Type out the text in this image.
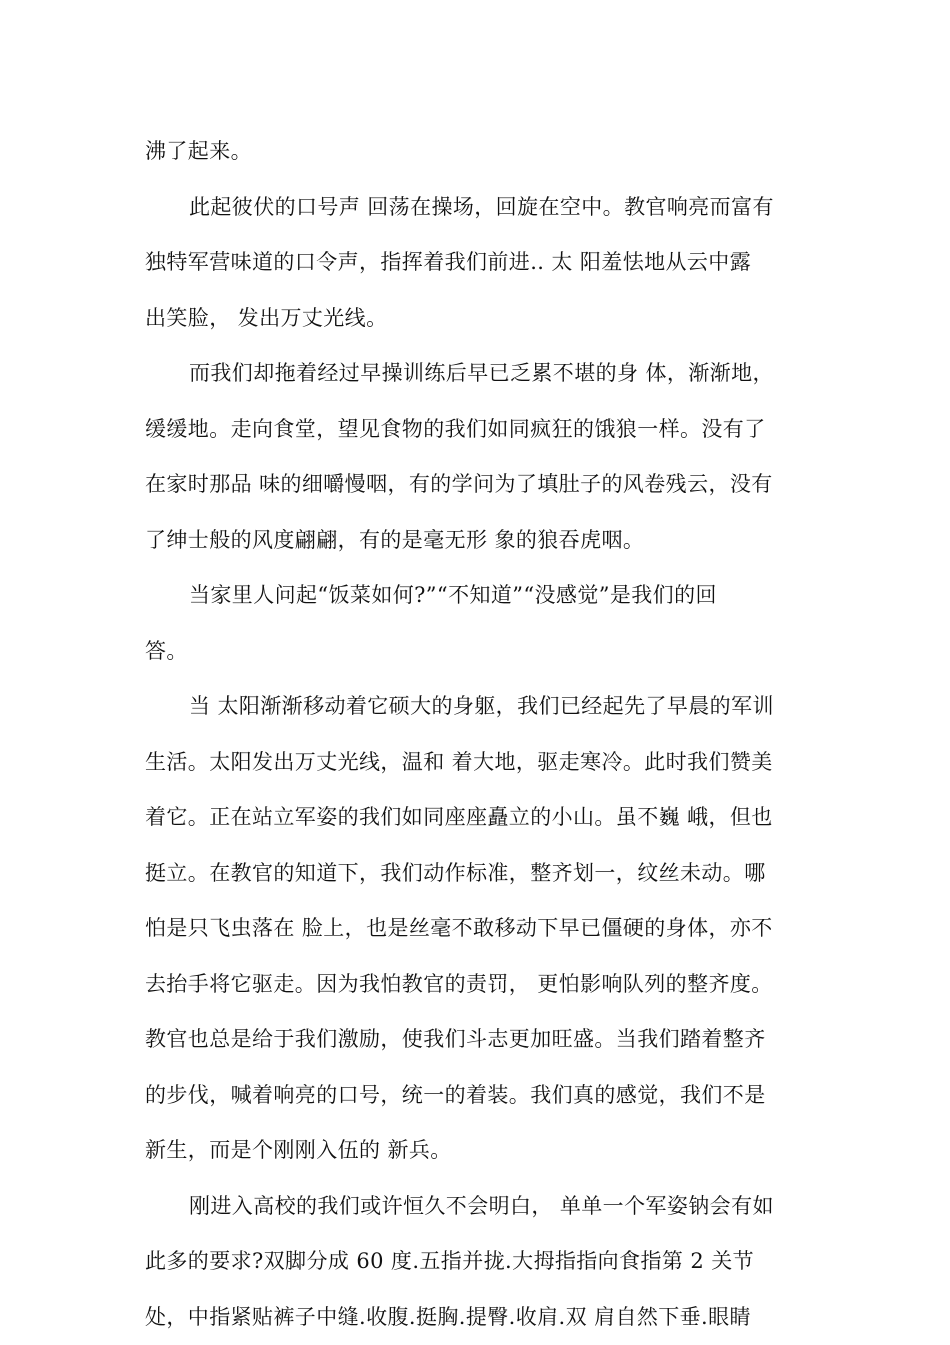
沸了起来。
此起彼伏的口号声 回荡在操场，回旋在空中。教官响亮而富有
独特军营味道的口令声，指挥着我们前进.. 太 阳羞怯地从云中露
出笑脸， 发出万丈光线。
而我们却拖着经过早操训练后早已乏累不堪的身 体，渐渐地，
缓缓地。走向食堂，望见食物的我们如同疯狂的饿狼一样。没有了
在家时那品 味的细嚼慢咽，有的学问为了填肚子的风卷残云，没有
了绅士般的风度翩翩，有的是毫无形 象的狼吞虎咽。
当家里人问起“饭菜如何?”“不知道”“没感觉”是我们的回
答。
当 太阳渐渐移动着它硕大的身躯，我们已经起先了早晨的军训
生活。太阳发出万丈光线，温和 着大地，驱走寒冷。此时我们赞美
着它。正在站立军姿的我们如同座座矗立的小山。虽不巍 峨，但也
挺立。在教官的知道下，我们动作标准，整齐划一，纹丝未动。哪
怕是只飞虫落在 脸上，也是丝毫不敢移动下早已僵硬的身体，亦不
去抬手将它驱走。因为我怕教官的责罚， 更怕影响队列的整齐度。
教官也总是给于我们激励，使我们斗志更加旺盛。当我们踏着整齐
的步伐，喊着响亮的口号，统一的着装。我们真的感觉，我们不是
新生，而是个刚刚入伍的 新兵。
刚进入高校的我们或许恒久不会明白， 单单一个军姿钠会有如
此多的要求?双脚分成 60 度.五指并拢.大拇指指向食指第 2 关节
处，中指紧贴裤子中缝.收腹.挺胸.提臀.收肩.双 肩自然下垂.眼睛
